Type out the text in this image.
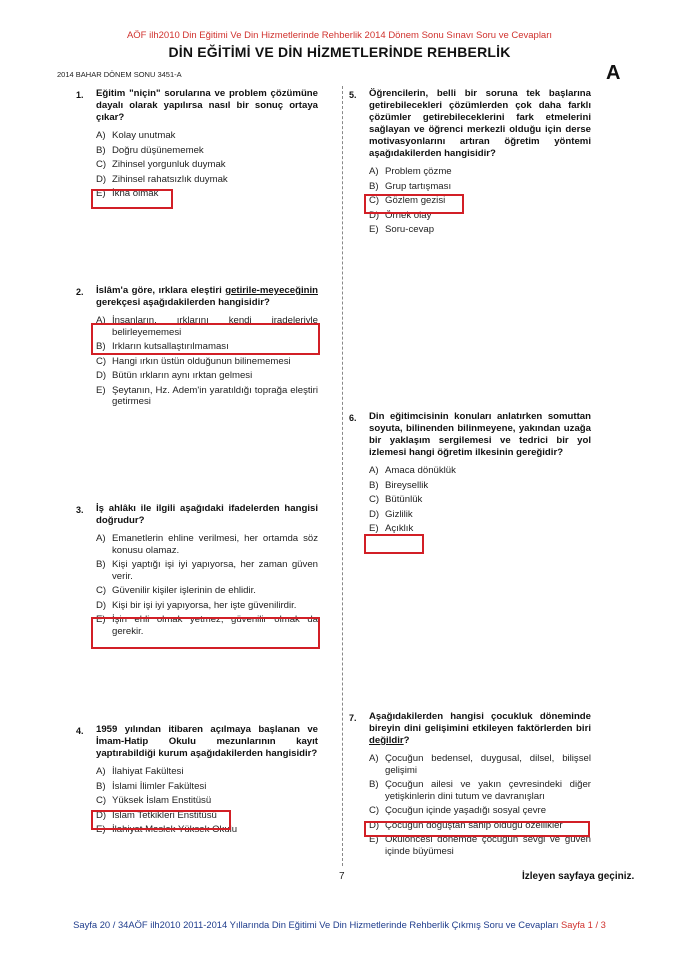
AÖF ilh2010 Din Eğitimi Ve Din Hizmetlerinde Rehberlik 2014 Dönem Sonu Sınavı Soru ve Cevapları
DİN EĞİTİMİ VE DİN HİZMETLERİNDE REHBERLİK
2014 BAHAR DÖNEM SONU 3451-A	A
1. Eğitim "niçin" sorularına ve problem çözümüne dayalı olarak yapılırsa nasıl bir sonuç ortaya çıkar?
A) Kolay unutmak
B) Doğru düşünememek
C) Zihinsel yorgunluk duymak
D) Zihinsel rahatsızlık duymak
E) İkna olmak
2. İslâm'a göre, ırklara eleştiri getirile-meyeceğinin gerekçesi aşağıdakilerden hangisidir?
A) İnsanların, ırklarını kendi iradeleriyle belirleyememesi
B) Irkların kutsallaştırılmaması
C) Hangi ırkın üstün olduğunun bilinememesi
D) Bütün ırkların aynı ırktan gelmesi
E) Şeytanın, Hz. Adem'in yaratıldığı toprağa eleştiri getirmesi
3. İş ahlâkı ile ilgili aşağıdaki ifadelerden hangisi doğrudur?
A) Emanetlerin ehline verilmesi, her ortamda söz konusu olamaz.
B) Kişi yaptığı işi iyi yapıyorsa, her zaman güven verir.
C) Güvenilir kişiler işlerinin de ehlidir.
D) Kişi bir işi iyi yapıyorsa, her işte güvenilirdir.
E) İşin ehli olmak yetmez, güvenilir olmak da gerekir.
4. 1959 yılından itibaren açılmaya başlanan ve İmam-Hatip Okulu mezunlarının kayıt yaptırabildiği kurum aşağıdakilerden hangisidir?
A) İlahiyat Fakültesi
B) İslami İlimler Fakültesi
C) Yüksek İslam Enstitüsü
D) İslam Tetkikleri Enstitüsü
E) İlahiyat Meslek Yüksek Okulu
5. Öğrencilerin, belli bir soruna tek başlarına getirebilecekleri çözümlerden çok daha farklı çözümler getirebileceklerini fark etmelerini sağlayan ve öğrenci merkezli olduğu için derse motivasyonlarını artıran öğretim yöntemi aşağıdakilerden hangisidir?
A) Problem çözme
B) Grup tartışması
C) Gözlem gezisi
D) Örnek olay
E) Soru-cevap
6. Din eğitimcisinin konuları anlatırken somuttan soyuta, bilinenden bilinmeyene, yakından uzağa bir yaklaşım sergilemesi ve tedrici bir yol izlemesi hangi öğretim ilkesinin gereğidir?
A) Amaca dönüklük
B) Bireysellik
C) Bütünlük
D) Gizlilik
E) Açıklık
7. Aşağıdakilerden hangisi çocukluk döneminde bireyin dini gelişimini etkileyen faktörlerden biri değildir?
A) Çocuğun bedensel, duygusal, dilsel, bilişsel gelişimi
B) Çocuğun ailesi ve yakın çevresindeki diğer yetişkinlerin dini tutum ve davranışları
C) Çocuğun içinde yaşadığı sosyal çevre
D) Çocuğun doğuştan sahip olduğu özellikler
E) Okulöncesi dönemde çocuğun sevgi ve güven içinde büyümesi
7	İzleyen sayfaya geçiniz.
Sayfa 20 / 34AÖF ilh2010 2011-2014 Yıllarında Din Eğitimi Ve Din Hizmetlerinde Rehberlik Çıkmış Soru ve Cevapları Sayfa 1 / 3
